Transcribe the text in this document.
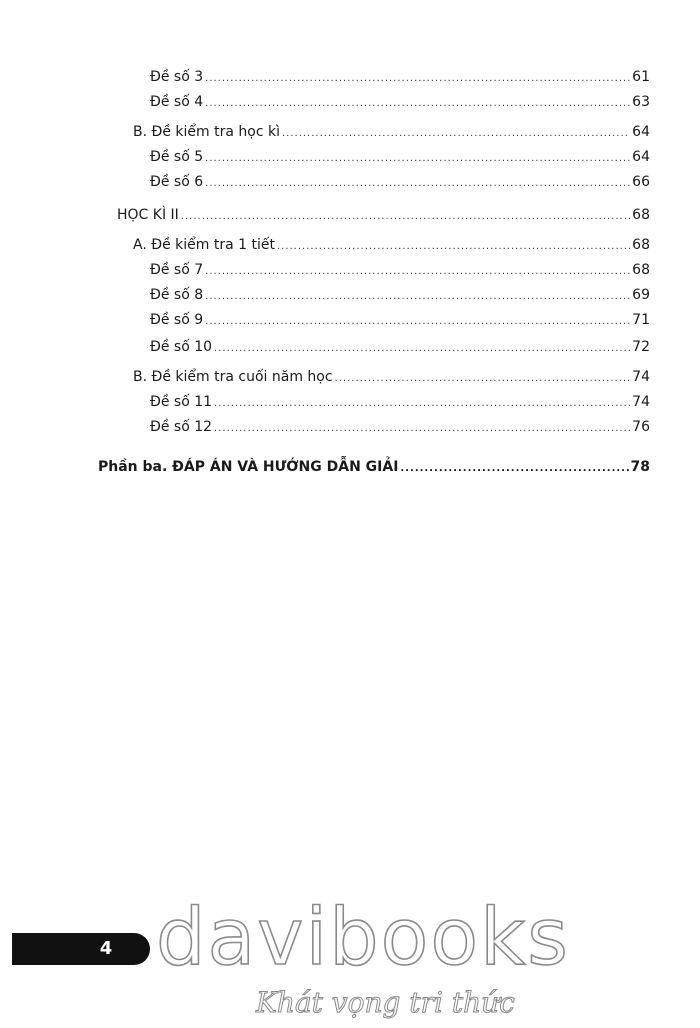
Đề số 3 .....	61
Đề số 4 .....	63
B. Đề kiểm tra học kì .....	64
Đề số 5 .....	64
Đề số 6 .....	66
HỌC KÌ II .....	68
A. Đề kiểm tra 1 tiết .....	68
Đề số 7 .....	68
Đề số 8 .....	69
Đề số 9 .....	71
Đề số 10 .....	72
B. Đề kiểm tra cuối năm học .....	74
Đề số 11 .....	74
Đề số 12 .....	76
Phần ba. ĐÁP ÁN VÀ HƯỚNG DẪN GIẢI .....	78
4 davibooks
Khát vọng tri thức
